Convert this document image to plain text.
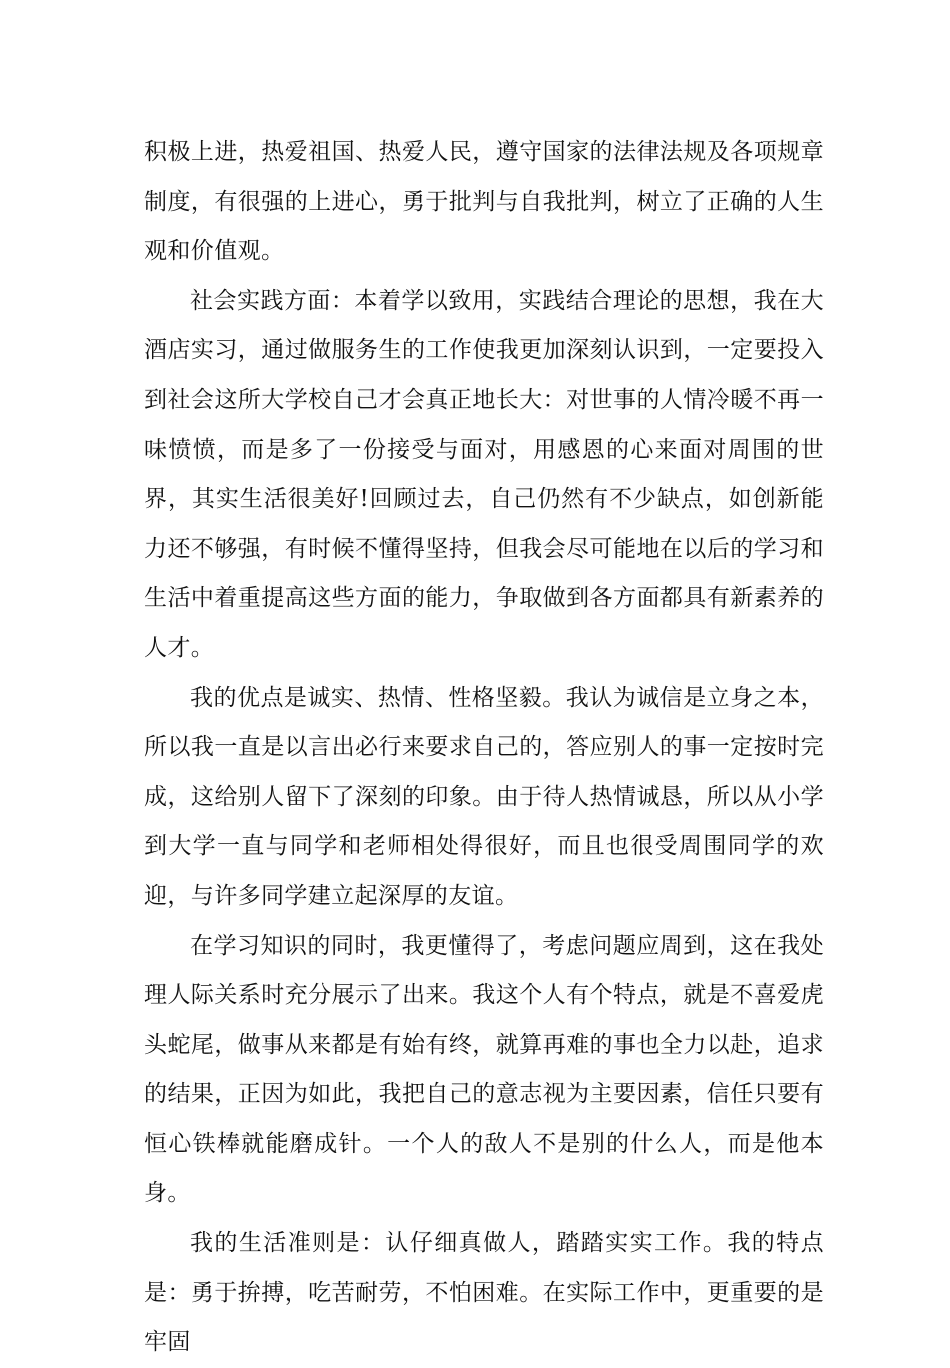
积极上进，热爱祖国、热爱人民，遵守国家的法律法规及各项规章制度，有很强的上进心，勇于批判与自我批判，树立了正确的人生观和价值观。

社会实践方面：本着学以致用，实践结合理论的思想，我在大酒店实习，通过做服务生的工作使我更加深刻认识到，一定要投入到社会这所大学校自己才会真正地长大：对世事的人情冷暖不再一味愤愤，而是多了一份接受与面对，用感恩的心来面对周围的世界，其实生活很美好!回顾过去，自己仍然有不少缺点，如创新能力还不够强，有时候不懂得坚持，但我会尽可能地在以后的学习和生活中着重提高这些方面的能力，争取做到各方面都具有新素养的人才。

我的优点是诚实、热情、性格坚毅。我认为诚信是立身之本，所以我一直是以言出必行来要求自己的，答应别人的事一定按时完成，这给别人留下了深刻的印象。由于待人热情诚恳，所以从小学到大学一直与同学和老师相处得很好，而且也很受周围同学的欢迎，与许多同学建立起深厚的友谊。

在学习知识的同时，我更懂得了，考虑问题应周到，这在我处理人际关系时充分展示了出来。我这个人有个特点，就是不喜爱虎头蛇尾，做事从来都是有始有终，就算再难的事也全力以赴，追求的结果，正因为如此，我把自己的意志视为主要因素，信任只要有恒心铁棒就能磨成针。一个人的敌人不是别的什么人，而是他本身。

我的生活准则是：认仔细真做人，踏踏实实工作。我的特点是：勇于拚搏，吃苦耐劳，不怕困难。在实际工作中，更重要的是牢固
